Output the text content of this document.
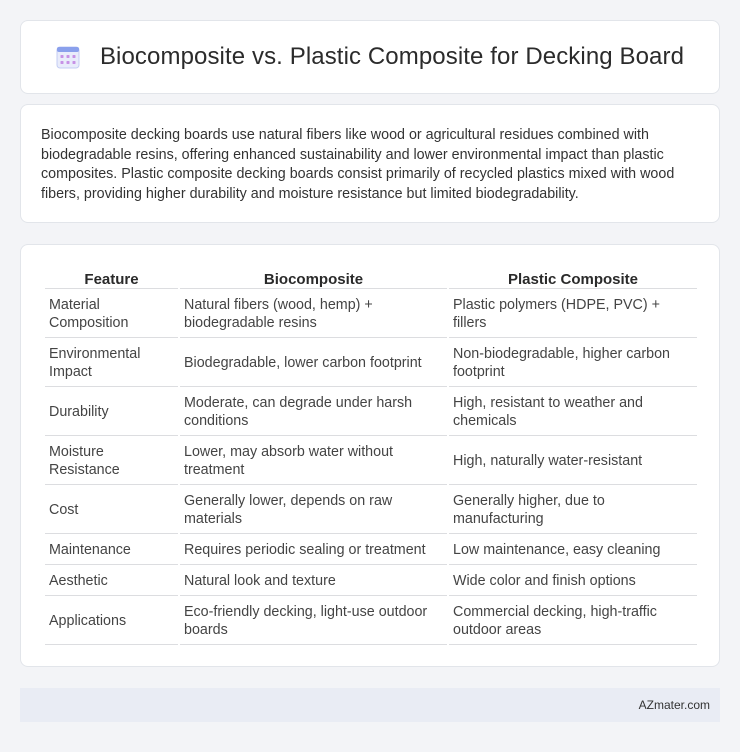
Biocomposite vs. Plastic Composite for Decking Board

Biocomposite decking boards use natural fibers like wood or agricultural residues combined with biodegradable resins, offering enhanced sustainability and lower environmental impact than plastic composites. Plastic composite decking boards consist primarily of recycled plastics mixed with wood fibers, providing higher durability and moisture resistance but limited biodegradability.

Feature	Biocomposite	Plastic Composite
Material Composition	Natural fibers (wood, hemp) + biodegradable resins	Plastic polymers (HDPE, PVC) + fillers
Environmental Impact	Biodegradable, lower carbon footprint	Non-biodegradable, higher carbon footprint
Durability	Moderate, can degrade under harsh conditions	High, resistant to weather and chemicals
Moisture Resistance	Lower, may absorb water without treatment	High, naturally water-resistant
Cost	Generally lower, depends on raw materials	Generally higher, due to manufacturing
Maintenance	Requires periodic sealing or treatment	Low maintenance, easy cleaning
Aesthetic	Natural look and texture	Wide color and finish options
Applications	Eco-friendly decking, light-use outdoor boards	Commercial decking, high-traffic outdoor areas
AZmater.com
